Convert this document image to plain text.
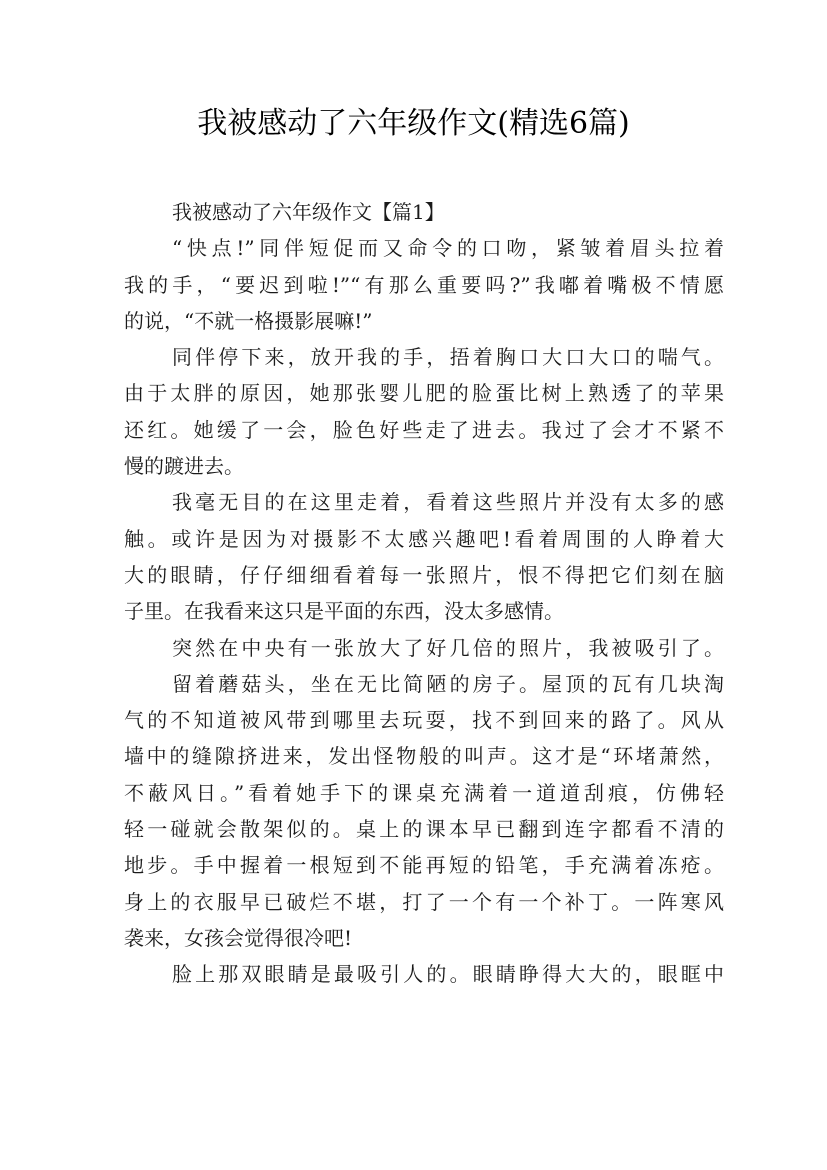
我被感动了六年级作文(精选6篇)
我被感动了六年级作文【篇1】
“快点!”同伴短促而又命令的口吻，紧皱着眉头拉着
我的手，“要迟到啦!”“有那么重要吗?”我嘟着嘴极不情愿
的说，“不就一格摄影展嘛!”
同伴停下来，放开我的手，捂着胸口大口大口的喘气。
由于太胖的原因，她那张婴儿肥的脸蛋比树上熟透了的苹果
还红。她缓了一会，脸色好些走了进去。我过了会才不紧不
慢的踱进去。
我毫无目的在这里走着，看着这些照片并没有太多的感
触。或许是因为对摄影不太感兴趣吧!看着周围的人睁着大
大的眼睛，仔仔细细看着每一张照片，恨不得把它们刻在脑
子里。在我看来这只是平面的东西，没太多感情。
突然在中央有一张放大了好几倍的照片，我被吸引了。
留着蘑菇头，坐在无比简陋的房子。屋顶的瓦有几块淘
气的不知道被风带到哪里去玩耍，找不到回来的路了。风从
墙中的缝隙挤进来，发出怪物般的叫声。这才是“环堵萧然，
不蔽风日。”看着她手下的课桌充满着一道道刮痕，仿佛轻
轻一碰就会散架似的。桌上的课本早已翻到连字都看不清的
地步。手中握着一根短到不能再短的铅笔，手充满着冻疮。
身上的衣服早已破烂不堪，打了一个有一个补丁。一阵寒风
袭来，女孩会觉得很冷吧!
脸上那双眼睛是最吸引人的。眼睛睁得大大的，眼眶中
